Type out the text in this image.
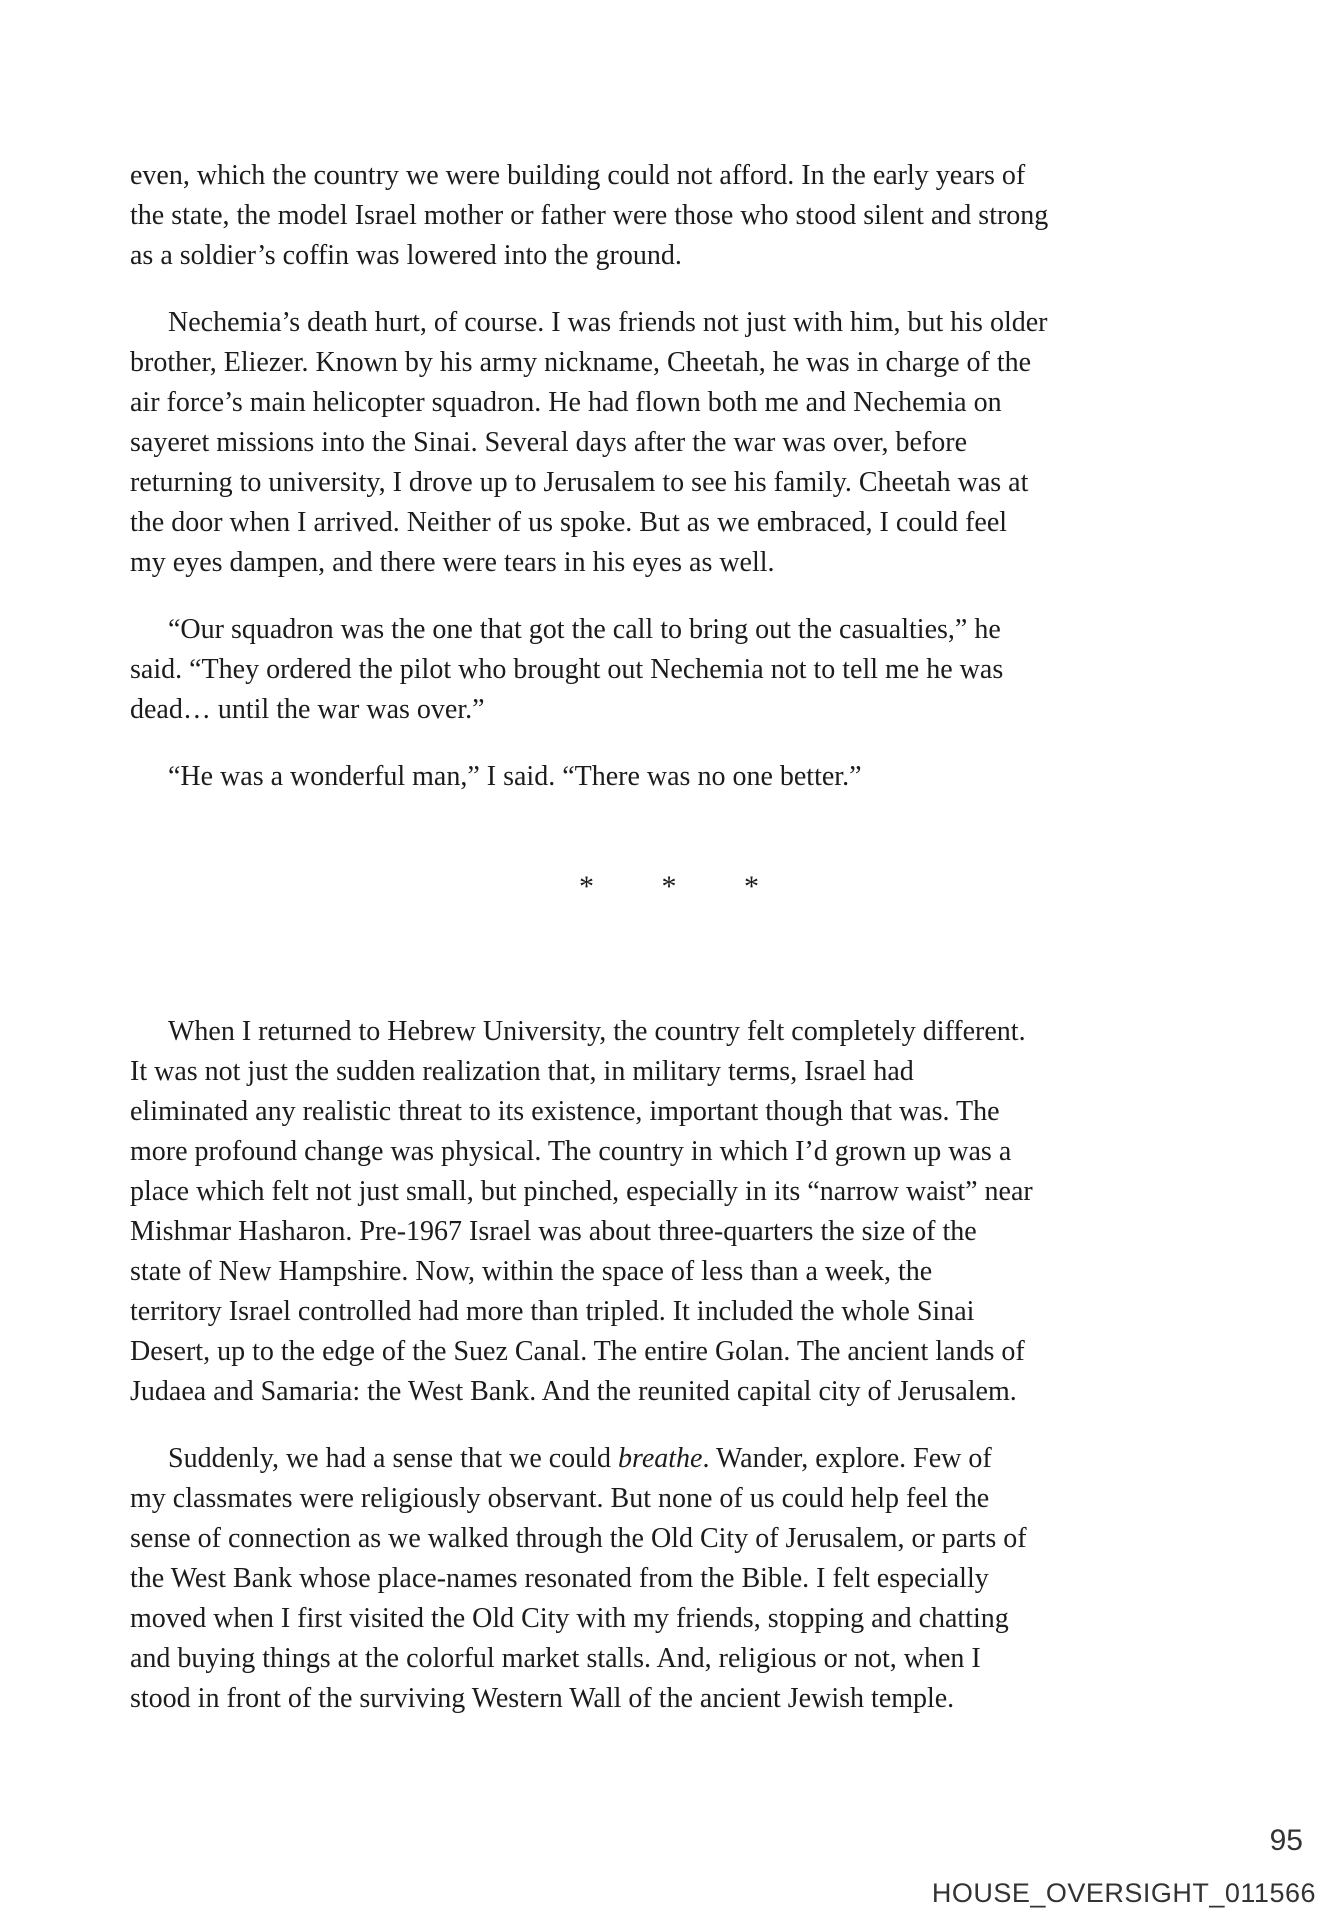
even, which the country we were building could not afford. In the early years of
the state, the model Israel mother or father were those who stood silent and strong
as a soldier’s coffin was lowered into the ground.
Nechemia’s death hurt, of course. I was friends not just with him, but his older
brother, Eliezer. Known by his army nickname, Cheetah, he was in charge of the
air force’s main helicopter squadron. He had flown both me and Nechemia on
sayeret missions into the Sinai. Several days after the war was over, before
returning to university, I drove up to Jerusalem to see his family. Cheetah was at
the door when I arrived. Neither of us spoke. But as we embraced, I could feel
my eyes dampen, and there were tears in his eyes as well.
“Our squadron was the one that got the call to bring out the casualties,” he
said. “They ordered the pilot who brought out Nechemia not to tell me he was
dead… until the war was over.”
“He was a wonderful man,” I said. “There was no one better.”
* * *
When I returned to Hebrew University, the country felt completely different.
It was not just the sudden realization that, in military terms, Israel had
eliminated any realistic threat to its existence, important though that was. The
more profound change was physical. The country in which I’d grown up was a
place which felt not just small, but pinched, especially in its “narrow waist” near
Mishmar Hasharon. Pre-1967 Israel was about three-quarters the size of the
state of New Hampshire. Now, within the space of less than a week, the
territory Israel controlled had more than tripled. It included the whole Sinai
Desert, up to the edge of the Suez Canal. The entire Golan. The ancient lands of
Judaea and Samaria: the West Bank. And the reunited capital city of Jerusalem.
Suddenly, we had a sense that we could breathe. Wander, explore. Few of
my classmates were religiously observant. But none of us could help feel the
sense of connection as we walked through the Old City of Jerusalem, or parts of
the West Bank whose place-names resonated from the Bible. I felt especially
moved when I first visited the Old City with my friends, stopping and chatting
and buying things at the colorful market stalls. And, religious or not, when I
stood in front of the surviving Western Wall of the ancient Jewish temple.
95
HOUSE_OVERSIGHT_011566
